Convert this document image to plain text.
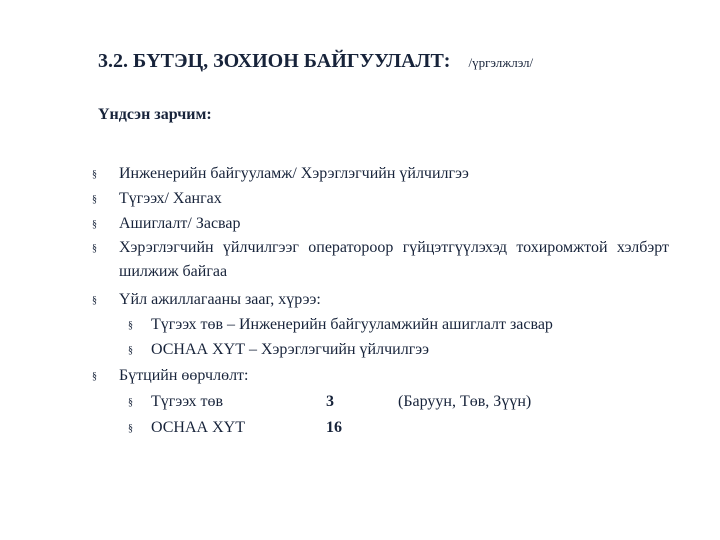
3.2. БҮТЭЦ, ЗОХИОН БАЙГУУЛАЛТ: /үргэлжлэл/
Үндсэн зарчим:
§ Инженерийн байгууламж/ Хэрэглэгчийн үйлчилгээ
§ Түгээх/ Хангах
§ Ашиглалт/ Засвар
§ Хэрэглэгчийн үйлчилгээг оператороор гүйцэтгүүлэхэд тохиромжтой хэлбэрт шилжиж байгаа
§ Үйл ажиллагааны зааг, хүрээ:
§ Түгээх төв – Инженерийн байгууламжийн ашиглалт засвар
§ ОСНАА ХҮТ – Хэрэглэгчийн үйлчилгээ
§ Бүтцийн өөрчлөлт:
§ Түгээх төв	3	(Баруун, Төв, Зүүн)
§ ОСНАА ХҮТ	16
